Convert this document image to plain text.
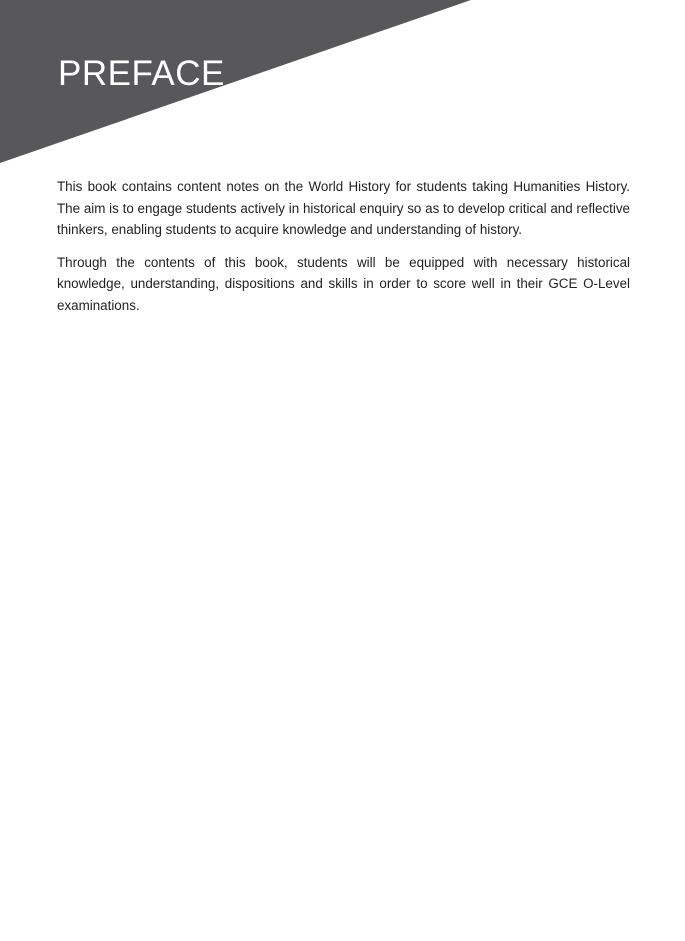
PREFACE

This book contains content notes on the World History for students taking Humanities History. The aim is to engage students actively in historical enquiry so as to develop critical and reflective thinkers, enabling students to acquire knowledge and understanding of history.

Through the contents of this book, students will be equipped with necessary historical knowledge, understanding, dispositions and skills in order to score well in their GCE O-Level examinations.
